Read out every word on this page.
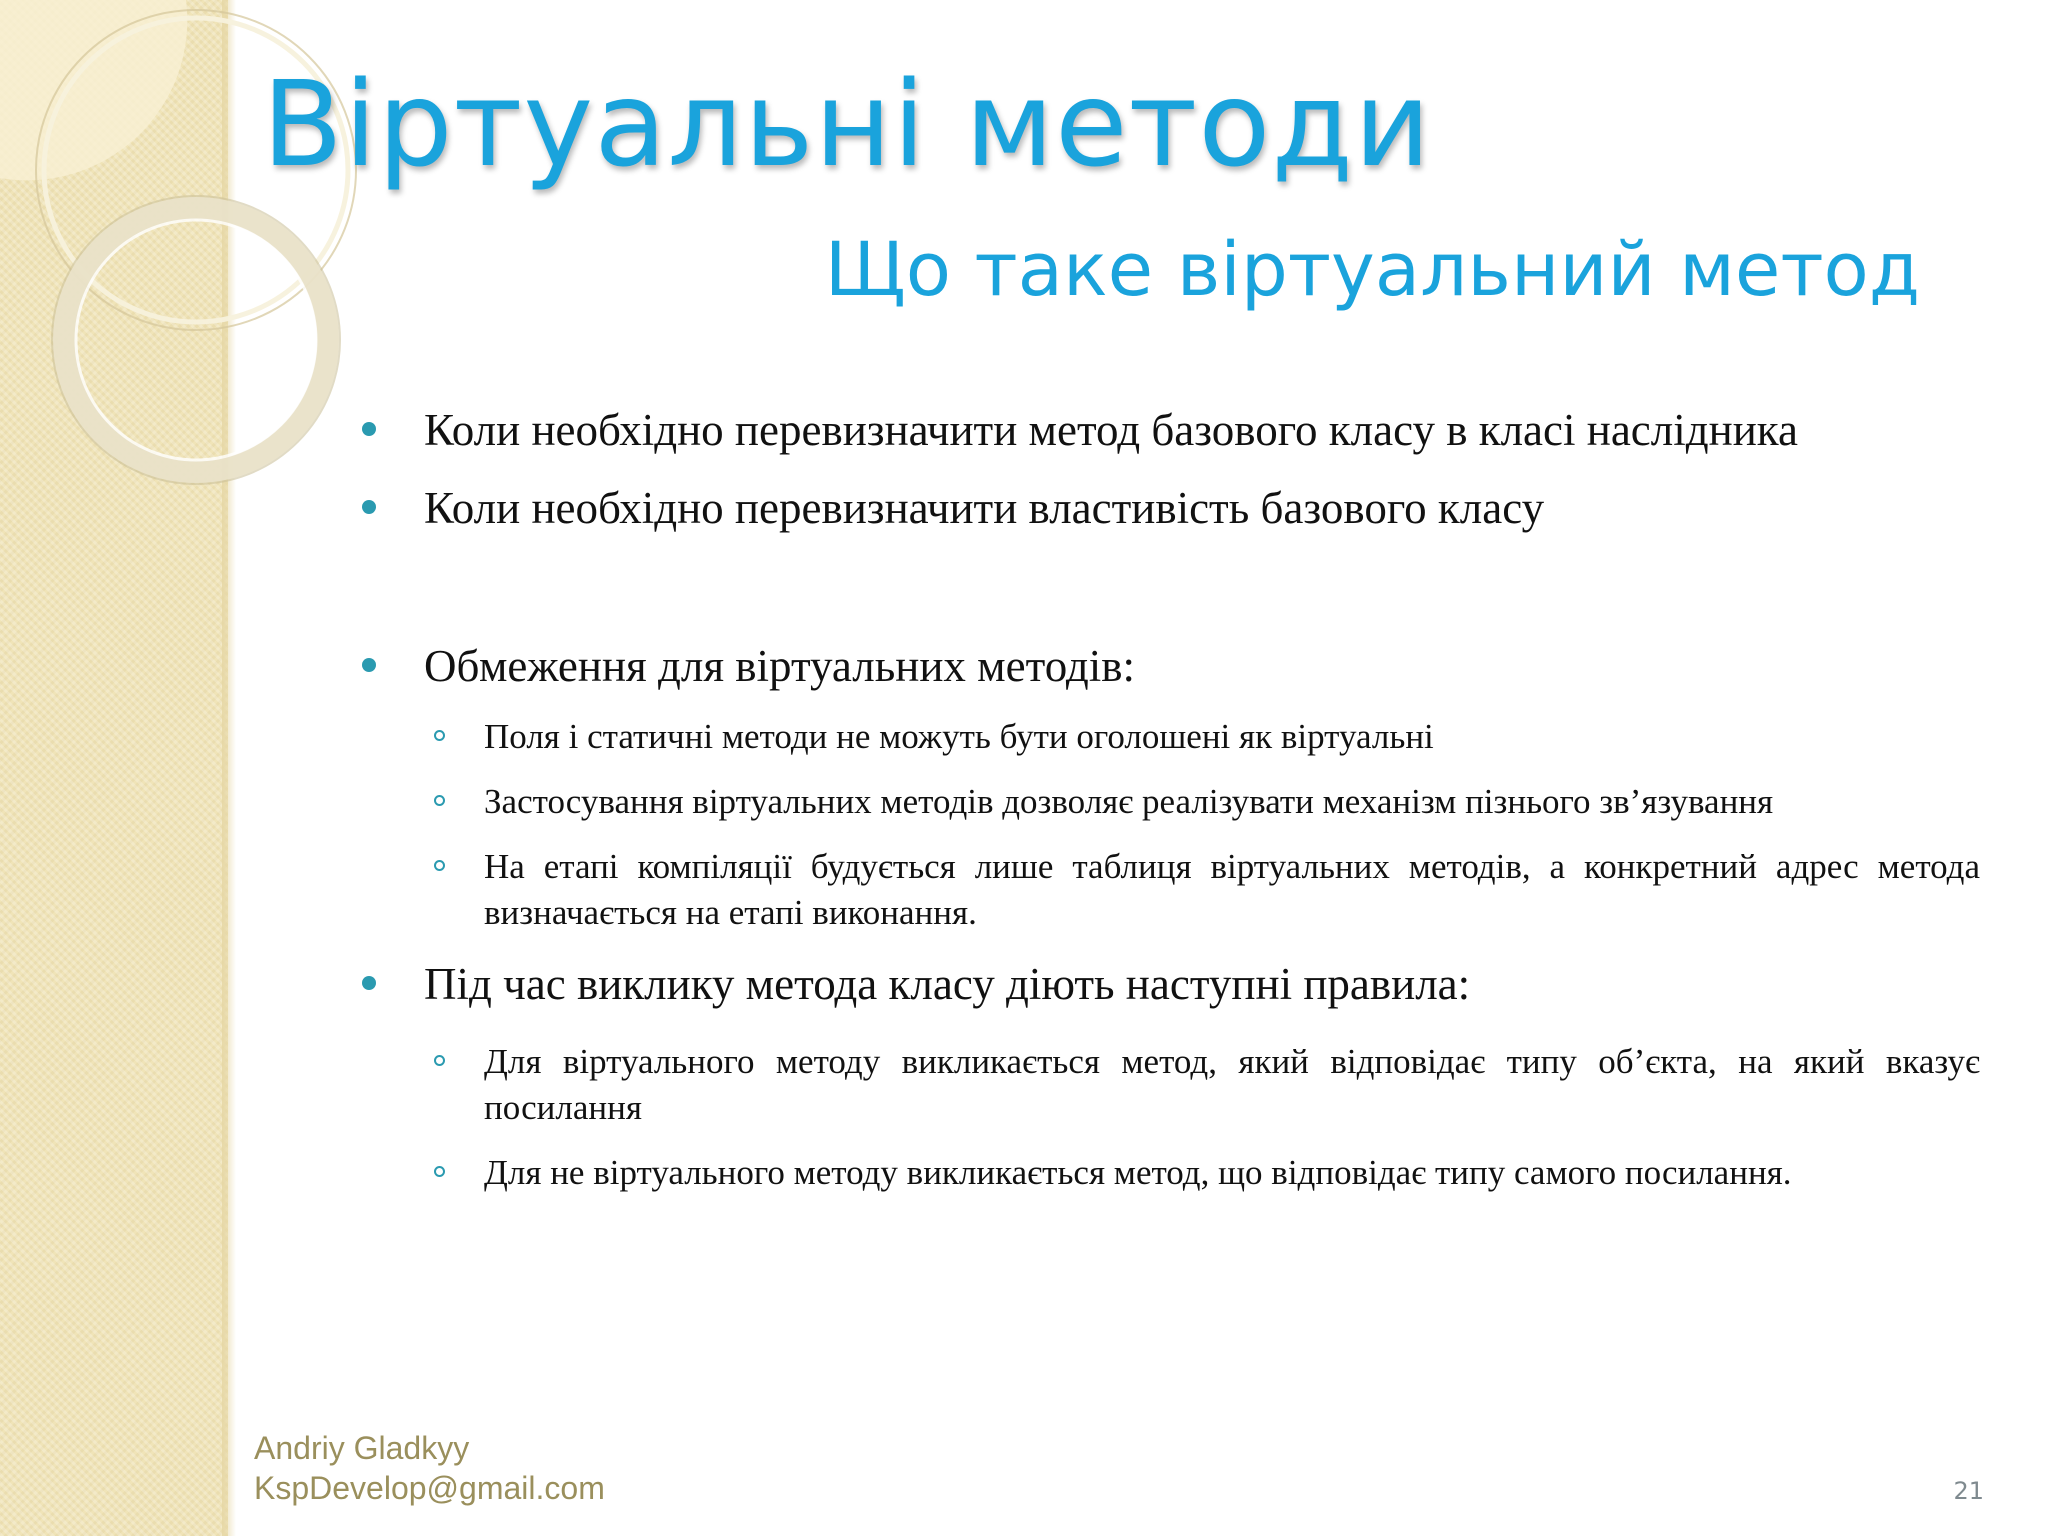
Віртуальні методи
Що таке віртуальний метод
Коли необхідно перевизначити метод базового класу в класі наслідника
Коли необхідно перевизначити властивість базового класу
Обмеження для віртуальних методів:
Поля і статичні методи не можуть бути оголошені як віртуальні
Застосування віртуальних методів дозволяє реалізувати механізм пізнього зв’язування
На етапі компіляції будується лише таблиця віртуальних методів, а конкретний адрес метода визначається на етапі виконання.
Під час виклику метода класу діють наступні правила:
Для віртуального методу викликається метод, який відповідає типу об’єкта, на який вказує посилання
Для не віртуального методу викликається метод, що відповідає типу самого посилання.
Andriy Gladkyy
KspDevelop@gmail.com	21
